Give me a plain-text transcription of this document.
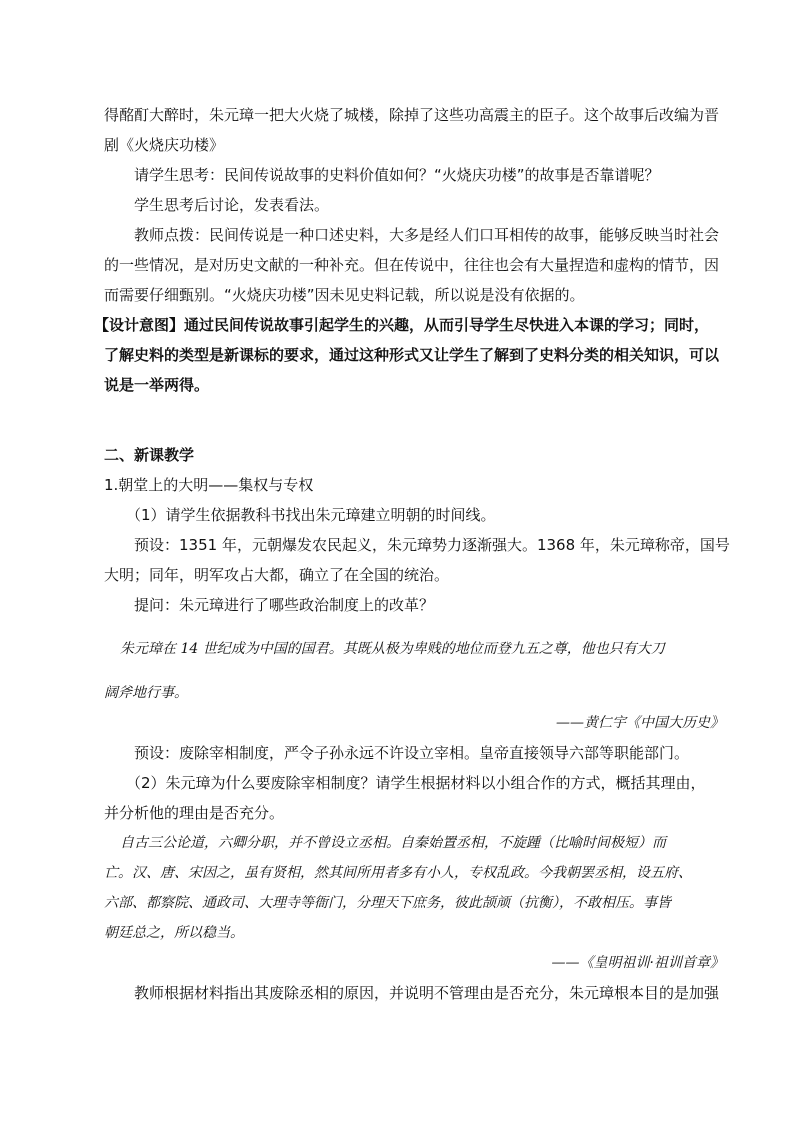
得酩酊大醉时，朱元璋一把大火烧了城楼，除掉了这些功高震主的臣子。这个故事后改编为晋

剧《火烧庆功楼》

请学生思考：民间传说故事的史料价值如何？“火烧庆功楼”的故事是否靠谱呢？

学生思考后讨论，发表看法。

教师点拨：民间传说是一种口述史料，大多是经人们口耳相传的故事，能够反映当时社会

的一些情况，是对历史文献的一种补充。但在传说中，往往也会有大量捏造和虚构的情节，因

而需要仔细甄别。“火烧庆功楼”因未见史料记载，所以说是没有依据的。

【设计意图】通过民间传说故事引起学生的兴趣，从而引导学生尽快进入本课的学习；同时，

了解史料的类型是新课标的要求，通过这种形式又让学生了解到了史料分类的相关知识，可以

说是一举两得。

二、新课教学

1.朝堂上的大明——集权与专权

（1）请学生依据教科书找出朱元璋建立明朝的时间线。

预设：1351 年，元朝爆发农民起义，朱元璋势力逐渐强大。1368 年，朱元璋称帝，国号

大明；同年，明军攻占大都，确立了在全国的统治。

提问：朱元璋进行了哪些政治制度上的改革？

朱元璋在 14 世纪成为中国的国君。其既从极为卑贱的地位而登九五之尊，他也只有大刀

阔斧地行事。

——黄仁宇《中国大历史》

预设：废除宰相制度，严令子孙永远不许设立宰相。皇帝直接领导六部等职能部门。

（2）朱元璋为什么要废除宰相制度？请学生根据材料以小组合作的方式，概括其理由，

并分析他的理由是否充分。

自古三公论道，六卿分职，并不曾设立丞相。自秦始置丞相，不旋踵（比喻时间极短）而

亡。汉、唐、宋因之，虽有贤相，然其间所用者多有小人，专权乱政。今我朝罢丞相，设五府、

六部、都察院、通政司、大理寺等衙门，分理天下庶务，彼此颉颃（抗衡），不敢相压。事皆

朝廷总之，所以稳当。

——《皇明祖训·祖训首章》

教师根据材料指出其废除丞相的原因，并说明不管理由是否充分，朱元璋根本目的是加强
